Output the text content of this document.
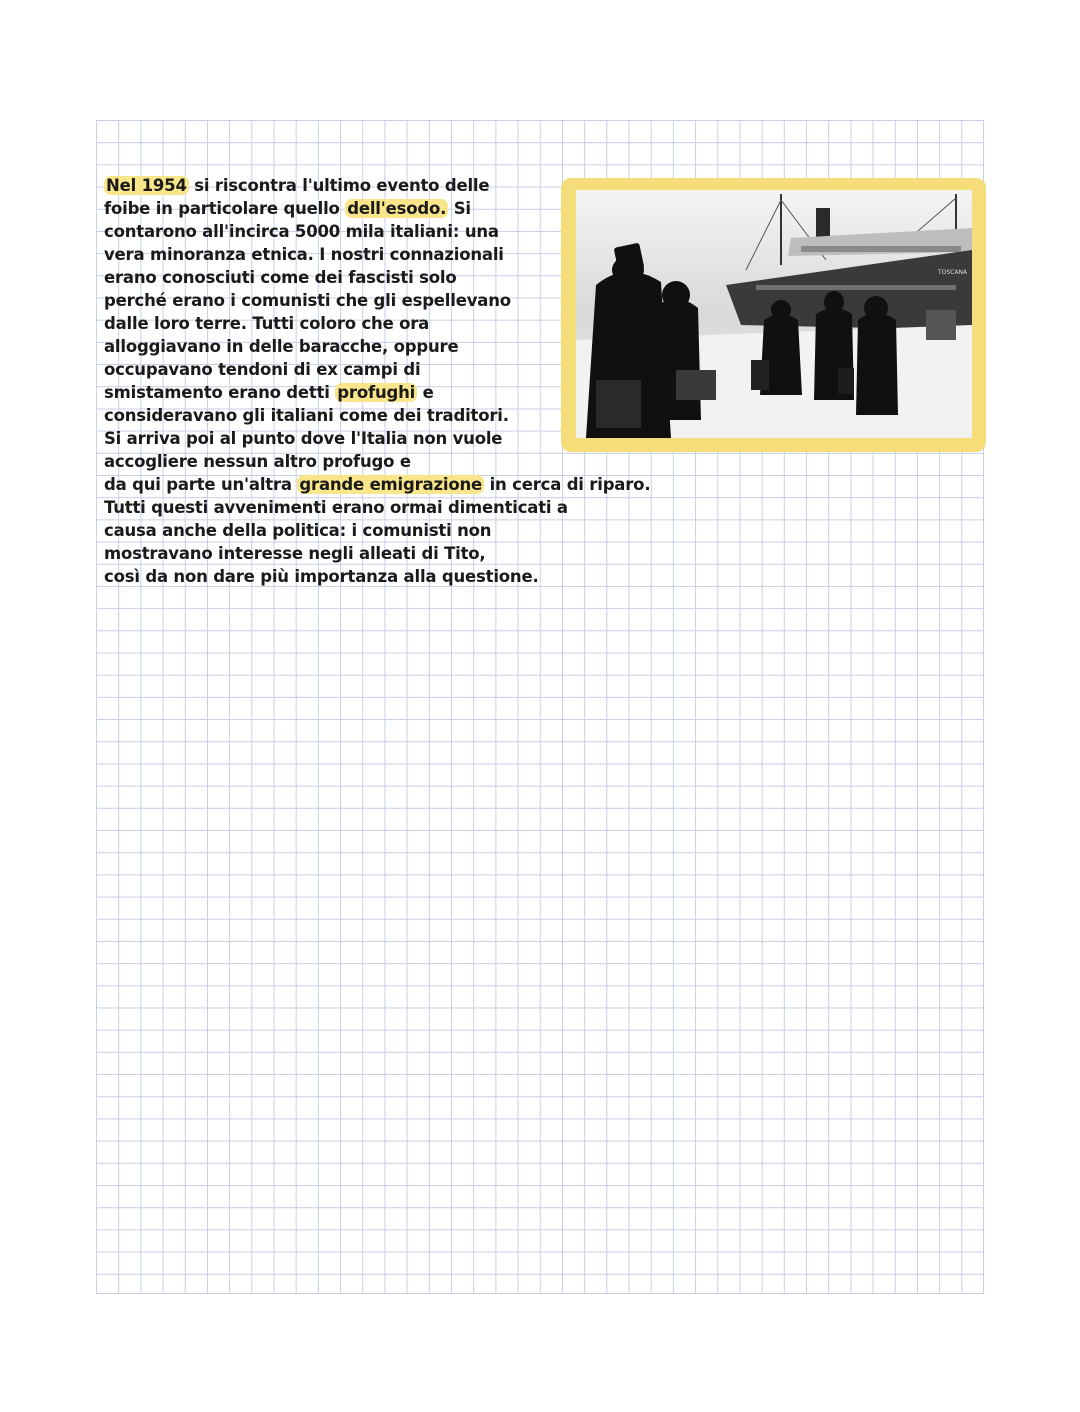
TOSCANA
Nel 1954 si riscontra l'ultimo evento delle
foibe in particolare quello dell'esodo. Si
contarono all'incirca 5000 mila italiani: una
vera minoranza etnica. I nostri connazionali
erano conosciuti come dei fascisti solo
perché erano i comunisti che gli espellevano
dalle loro terre. Tutti coloro che ora
alloggiavano in delle baracche, oppure
occupavano tendoni di ex campi di
smistamento erano detti profughi e
consideravano gli italiani come dei traditori.
Si arriva poi al punto dove l'Italia non vuole
accogliere nessun altro profugo e
da qui parte un'altra grande emigrazione in cerca di riparo.
Tutti questi avvenimenti erano ormai dimenticati a
causa anche della politica: i comunisti non
mostravano interesse negli alleati di Tito,
così da non dare più importanza alla questione.
